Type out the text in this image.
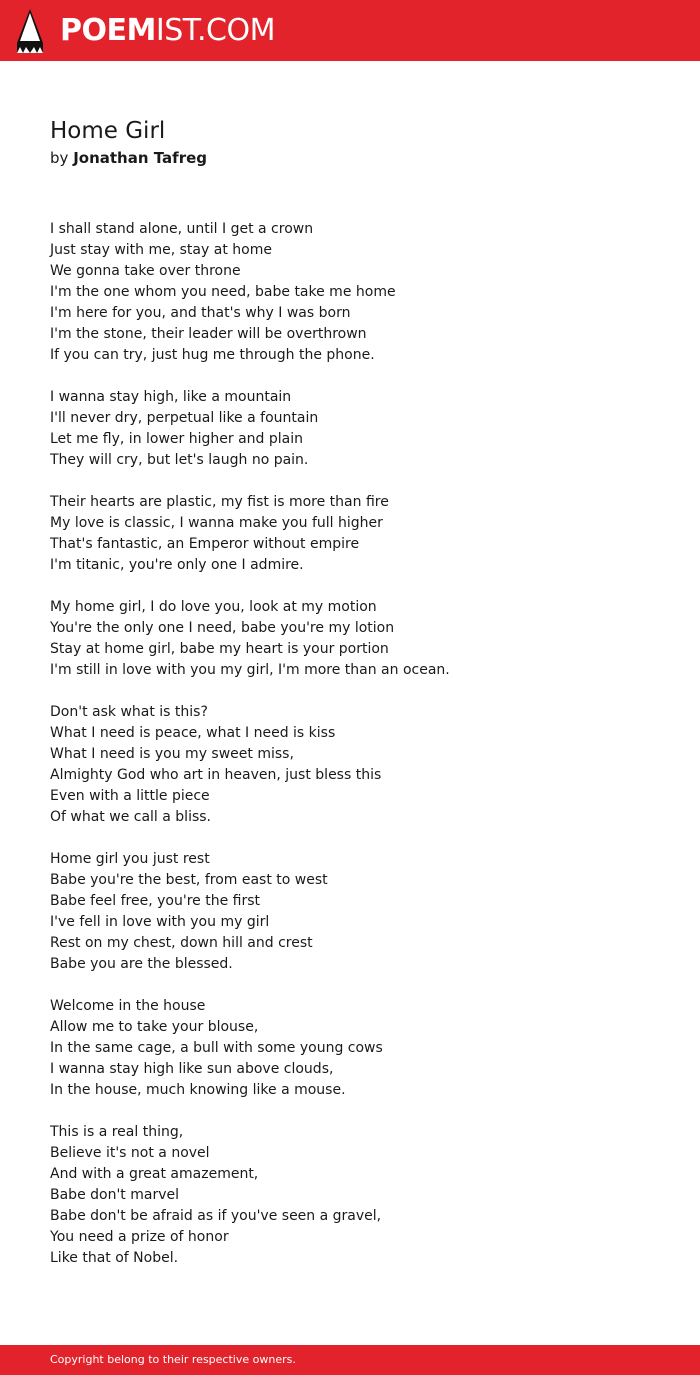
POEMIST.COM
Home Girl
by Jonathan Tafreg
I shall stand alone, until I get a crown
Just stay with me, stay at home
We gonna take over throne
I'm the one whom you need, babe take me home
I'm here for you, and that's why I was born
I'm the stone, their leader will be overthrown
If you can try, just hug me through the phone.
I wanna stay high, like a mountain
I'll never dry, perpetual like a fountain
Let me fly, in lower higher and plain
They will cry, but let's laugh no pain.
Their hearts are plastic, my fist is more than fire
My love is classic, I wanna make you full higher
That's fantastic, an Emperor without empire
I'm titanic, you're only one I admire.
My home girl, I do love you, look at my motion
You're the only one I need, babe you're my lotion
Stay at home girl, babe my heart is your portion
I'm still in love with you my girl, I'm more than an ocean.
Don't ask what is this?
What I need is peace, what I need is kiss
What I need is you my sweet miss,
Almighty God who art in heaven, just bless this
Even with a little piece
Of what we call a bliss.
Home girl you just rest
Babe you're the best, from east to west
Babe feel free, you're the first
I've fell in love with you my girl
Rest on my chest, down hill and crest
Babe you are the blessed.
Welcome in the house
Allow me to take your blouse,
In the same cage, a bull with some young cows
I wanna stay high like sun above clouds,
In the house, much knowing like a mouse.
This is a real thing,
Believe it's not a novel
And with a great amazement,
Babe don't marvel
Babe don't be afraid as if you've seen a gravel,
You need a prize of honor
Like that of Nobel.
Copyright belong to their respective owners.
